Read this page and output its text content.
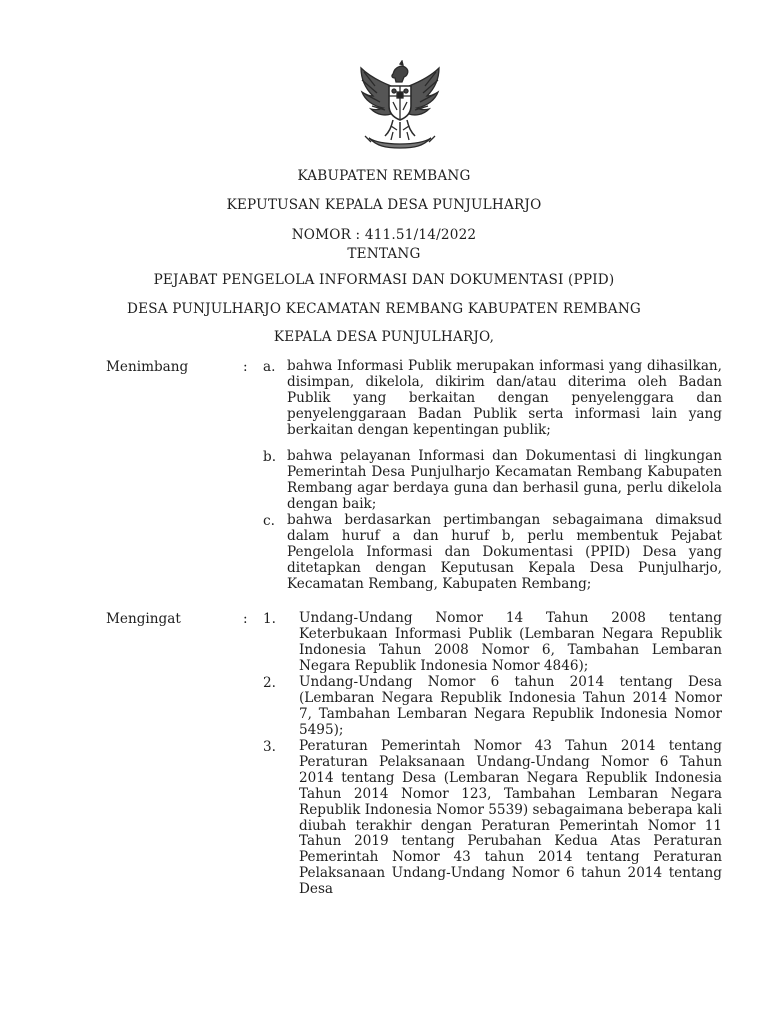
KABUPATEN REMBANG
KEPUTUSAN KEPALA DESA PUNJULHARJO
NOMOR : 411.51/14/2022
TENTANG
PEJABAT PENGELOLA INFORMASI DAN DOKUMENTASI (PPID)
DESA PUNJULHARJO KECAMATAN REMBANG KABUPATEN REMBANG
KEPALA DESA PUNJULHARJO,
Menimbang	: a. bahwa Informasi Publik merupakan informasi yang dihasilkan, disimpan, dikelola, dikirim dan/atau diterima oleh Badan Publik yang berkaitan dengan penyelenggara dan penyelenggaraan Badan Publik serta informasi lain yang berkaitan dengan kepentingan publik;
b. bahwa pelayanan Informasi dan Dokumentasi di lingkungan Pemerintah Desa Punjulharjo Kecamatan Rembang Kabupaten Rembang agar berdaya guna dan berhasil guna, perlu dikelola dengan baik;
c. bahwa berdasarkan pertimbangan sebagaimana dimaksud dalam huruf a dan huruf b, perlu membentuk Pejabat Pengelola Informasi dan Dokumentasi (PPID) Desa yang ditetapkan dengan Keputusan Kepala Desa Punjulharjo, Kecamatan Rembang, Kabupaten Rembang;
Mengingat	: 1. Undang-Undang Nomor 14 Tahun 2008 tentang Keterbukaan Informasi Publik (Lembaran Negara Republik Indonesia Tahun 2008 Nomor 6, Tambahan Lembaran Negara Republik Indonesia Nomor 4846);
2. Undang-Undang Nomor 6 tahun 2014 tentang Desa (Lembaran Negara Republik Indonesia Tahun 2014 Nomor 7, Tambahan Lembaran Negara Republik Indonesia Nomor 5495);
3. Peraturan Pemerintah Nomor 43 Tahun 2014 tentang Peraturan Pelaksanaan Undang-Undang Nomor 6 Tahun 2014 tentang Desa (Lembaran Negara Republik Indonesia Tahun 2014 Nomor 123, Tambahan Lembaran Negara Republik Indonesia Nomor 5539) sebagaimana beberapa kali diubah terakhir dengan Peraturan Pemerintah Nomor 11 Tahun 2019 tentang Perubahan Kedua Atas Peraturan Pemerintah Nomor 43 tahun 2014 tentang Peraturan Pelaksanaan Undang-Undang Nomor 6 tahun 2014 tentang Desa
